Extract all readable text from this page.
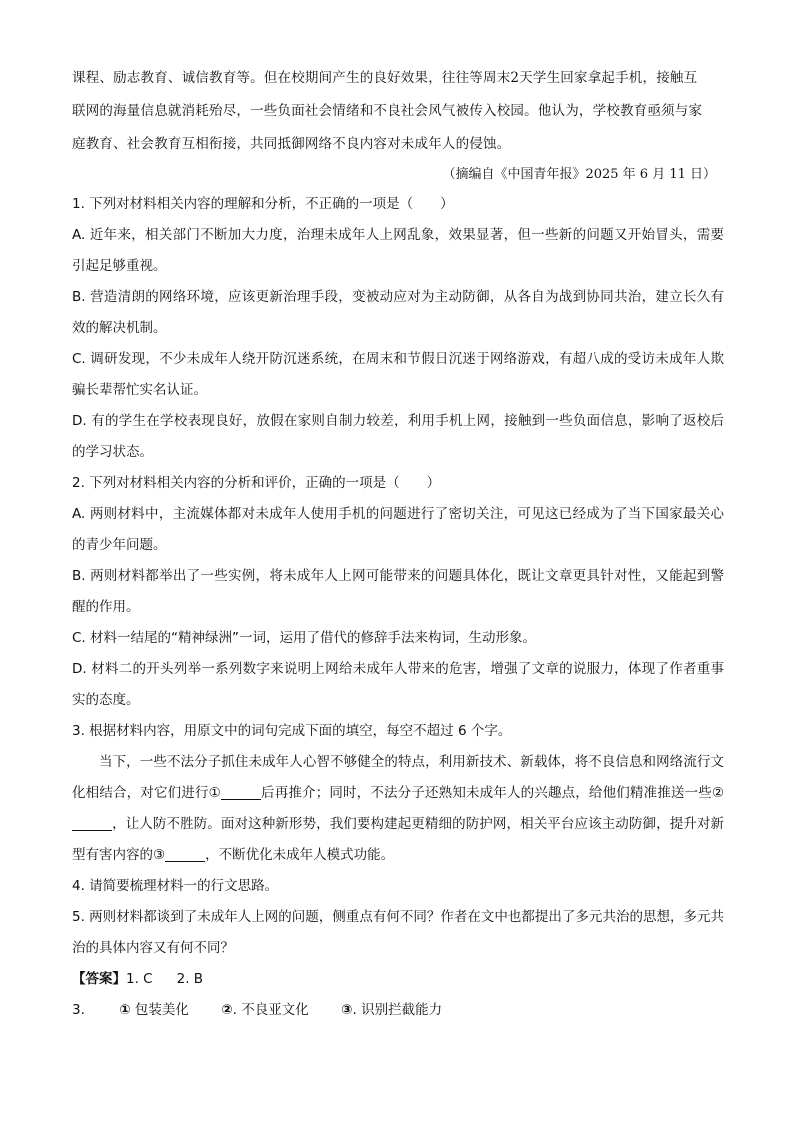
课程、励志教育、诚信教育等。但在校期间产生的良好效果，往往等周末2天学生回家拿起手机，接触互

联网的海量信息就消耗殆尽，一些负面社会情绪和不良社会风气被传入校园。他认为，学校教育亟须与家

庭教育、社会教育互相衔接，共同抵御网络不良内容对未成年人的侵蚀。

（摘编自《中国青年报》2025 年 6 月 11 日）

1. 下列对材料相关内容的理解和分析，不正确的一项是（　　）

A. 近年来，相关部门不断加大力度，治理未成年人上网乱象，效果显著，但一些新的问题又开始冒头，需要引起足够重视。

B. 营造清朗的网络环境，应该更新治理手段，变被动应对为主动防御，从各自为战到协同共治，建立长久有效的解决机制。

C. 调研发现，不少未成年人绕开防沉迷系统，在周末和节假日沉迷于网络游戏，有超八成的受访未成年人欺骗长辈帮忙实名认证。

D. 有的学生在学校表现良好，放假在家则自制力较差，利用手机上网，接触到一些负面信息，影响了返校后的学习状态。

2. 下列对材料相关内容的分析和评价，正确的一项是（　　）

A. 两则材料中，主流媒体都对未成年人使用手机的问题进行了密切关注，可见这已经成为了当下国家最关心的青少年问题。

B. 两则材料都举出了一些实例，将未成年人上网可能带来的问题具体化，既让文章更具针对性，又能起到警醒的作用。

C. 材料一结尾的“精神绿洲”一词，运用了借代的修辞手法来构词，生动形象。

D. 材料二的开头列举一系列数字来说明上网给未成年人带来的危害，增强了文章的说服力，体现了作者重事实的态度。

3. 根据材料内容，用原文中的词句完成下面的填空，每空不超过 6 个字。

当下，一些不法分子抓住未成年人心智不够健全的特点，利用新技术、新载体，将不良信息和网络流行文化相结合，对它们进行①	后再推介；同时，不法分子还熟知未成年人的兴趣点，给他们精准推送一些②，让人防不胜防。面对这种新形势，我们要构建起更精细的防护网，相关平台应该主动防御，提升对新型有害内容的③	，不断优化未成年人模式功能。

4. 请简要梳理材料一的行文思路。

5. 两则材料都谈到了未成年人上网的问题，侧重点有何不同？作者在文中也都提出了多元共治的思想，多元共治的具体内容又有何不同？

【答案】1. C 2. B

3.	① 包装美化 ②. 不良亚文化 ③. 识别拦截能力
